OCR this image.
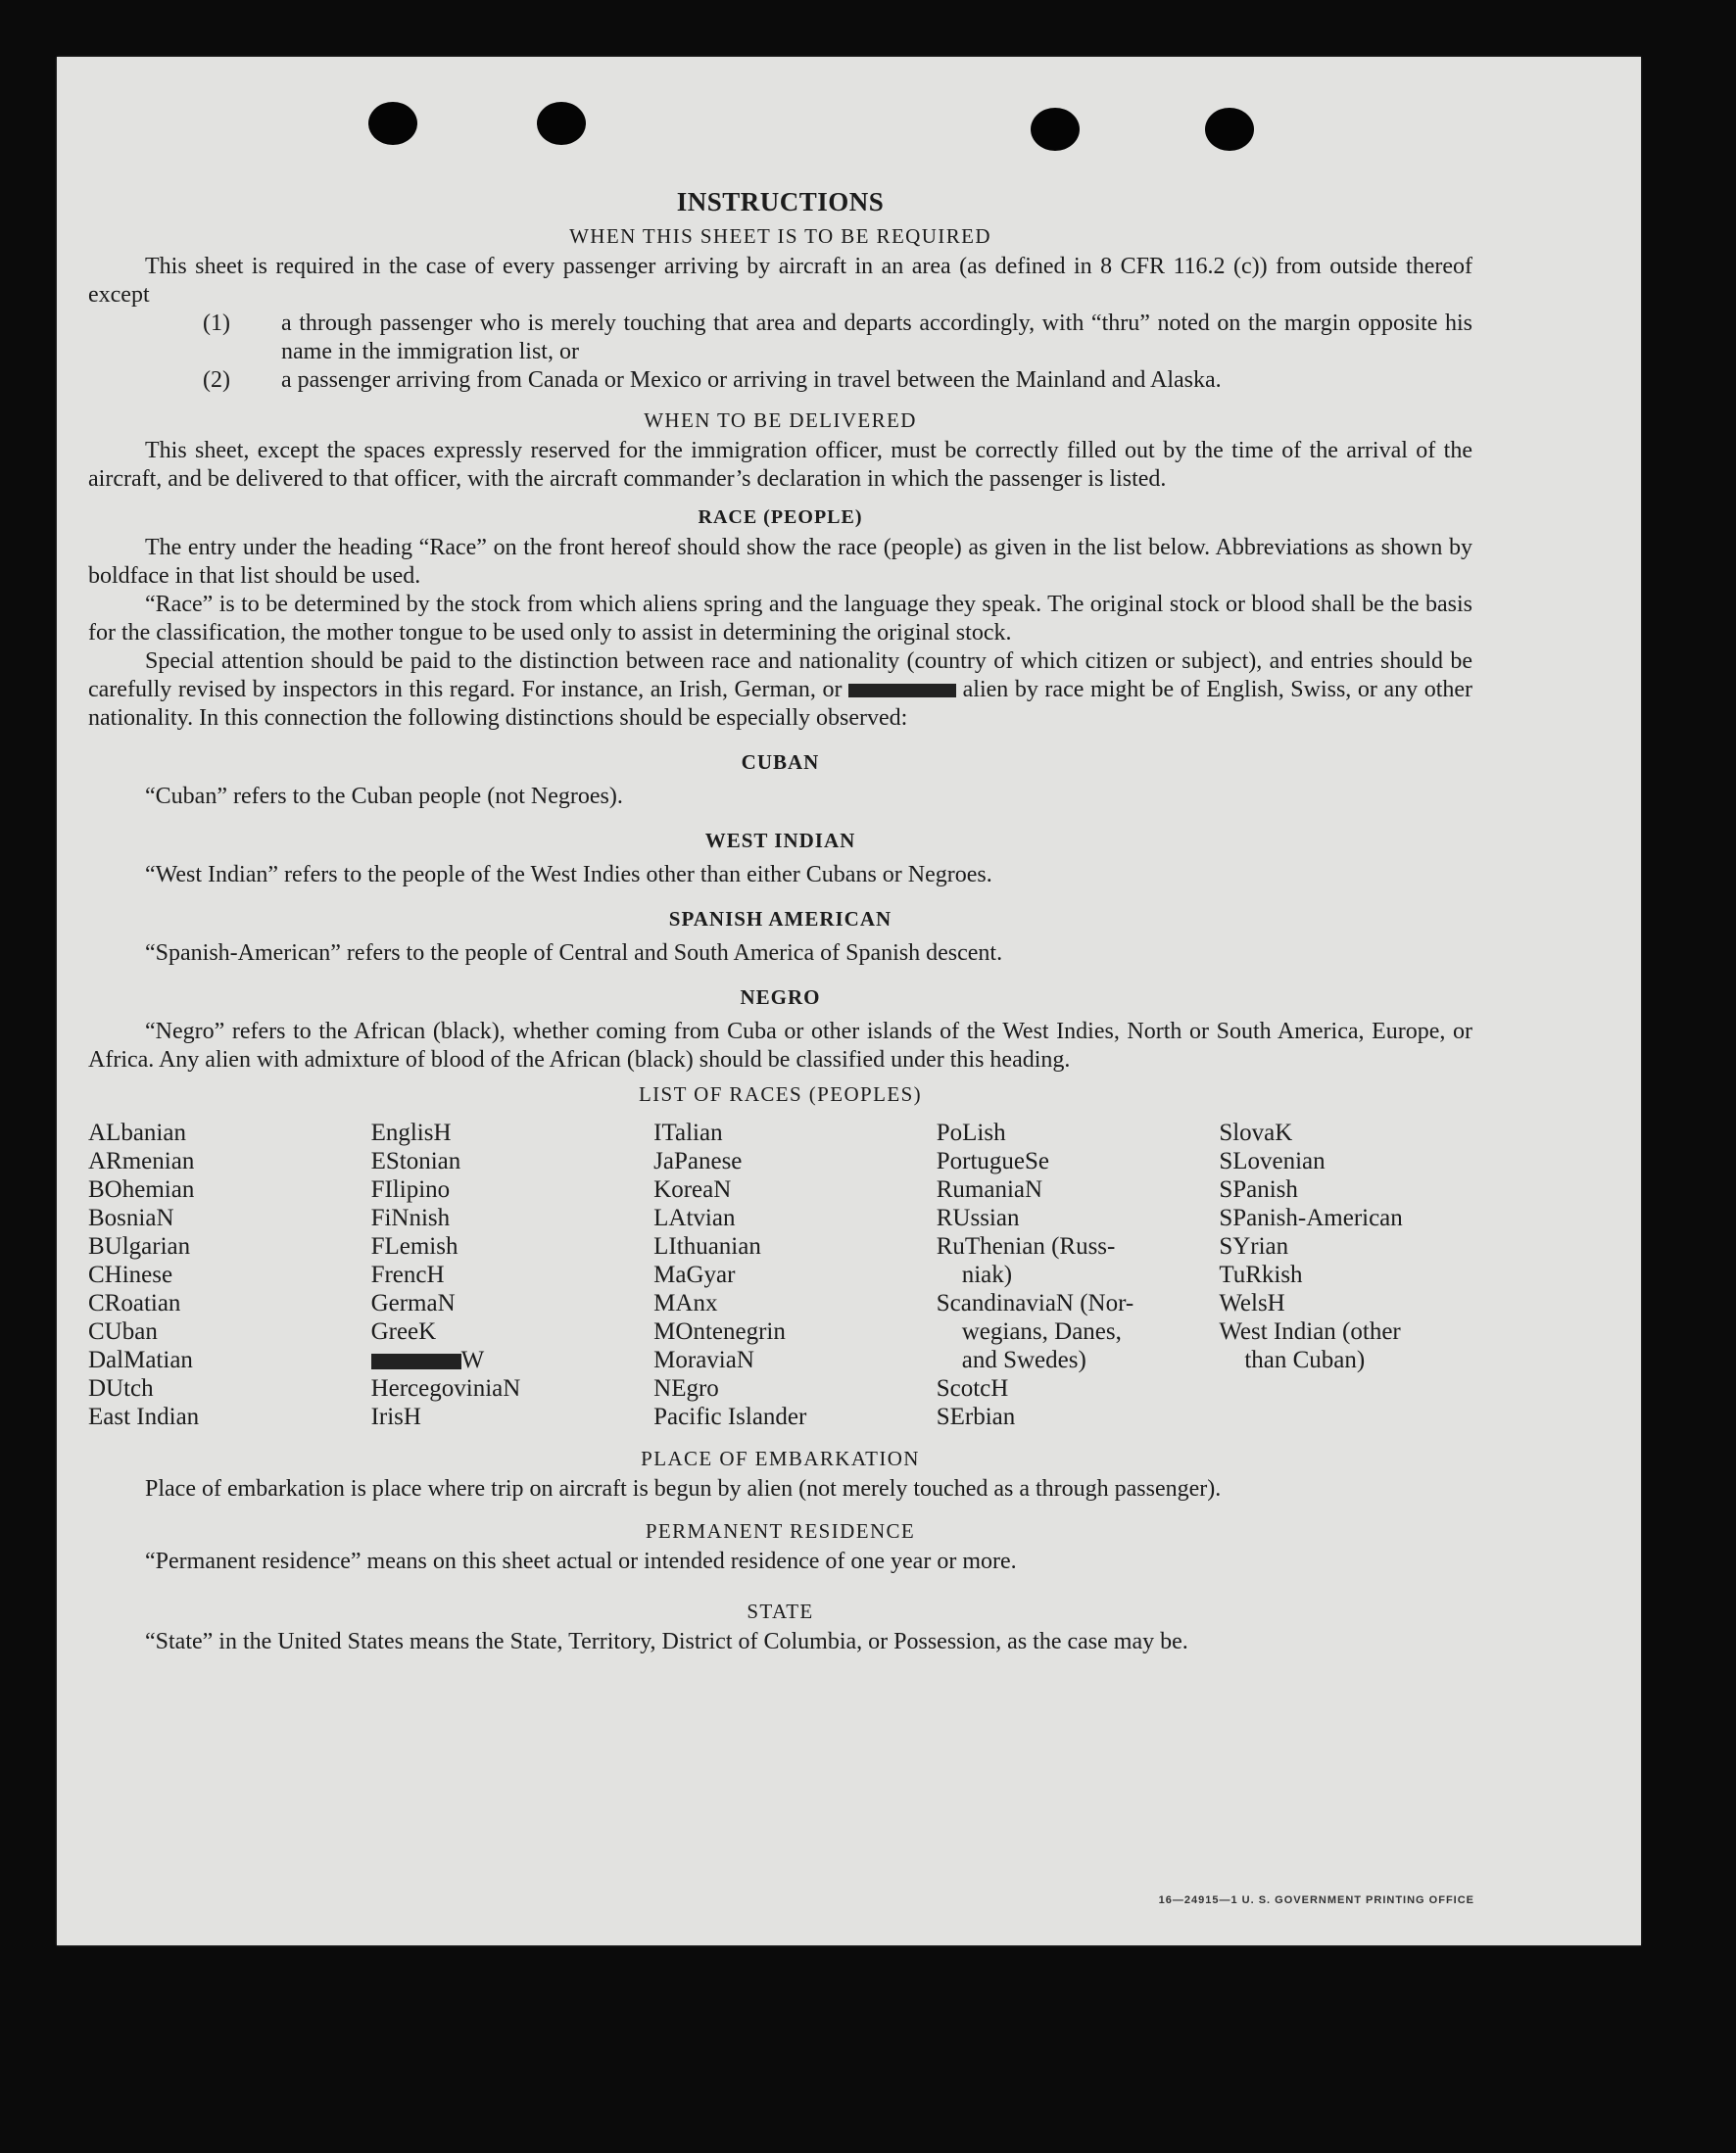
INSTRUCTIONS
WHEN THIS SHEET IS TO BE REQUIRED

This sheet is required in the case of every passenger arriving by aircraft in an area (as defined in 8 CFR 116.2 (c)) from outside thereof except

(1) a through passenger who is merely touching that area and departs accordingly, with “thru” noted on the margin opposite his name in the immigration list, or
(2) a passenger arriving from Canada or Mexico or arriving in travel between the Mainland and Alaska.
WHEN TO BE DELIVERED

This sheet, except the spaces expressly reserved for the immigration officer, must be correctly filled out by the time of the arrival of the aircraft, and be delivered to that officer, with the aircraft commander’s declaration in which the passenger is listed.

RACE (PEOPLE)

The entry under the heading “Race” on the front hereof should show the race (people) as given in the list below. Abbreviations as shown by boldface in that list should be used.

“Race” is to be determined by the stock from which aliens spring and the language they speak. The original stock or blood shall be the basis for the classification, the mother tongue to be used only to assist in determining the original stock.

Special attention should be paid to the distinction between race and nationality (country of which citizen or subject), and entries should be carefully revised by inspectors in this regard. For instance, an Irish, German, or	alien by race might be of English, Swiss, or any other nationality. In this connection the following distinctions should be especially observed:

CUBAN

“Cuban” refers to the Cuban people (not Negroes).

WEST INDIAN

“West Indian” refers to the people of the West Indies other than either Cubans or Negroes.

SPANISH AMERICAN

“Spanish-American” refers to the people of Central and South America of Spanish descent.

NEGRO

“Negro” refers to the African (black), whether coming from Cuba or other islands of the West Indies, North or South America, Europe, or Africa. Any alien with admixture of blood of the African (black) should be classified under this heading.

LIST OF RACES (PEOPLES)
ALbanian
ARmenian
BOhemian
BosniaN
BUlgarian
CHinese
CRoatian
CUban
DalMatian
DUtch
East Indian
EnglisH
EStonian
FIlipino
FiNnish
FLemish
FrencH
GermaN
GreeK
W
HercegoviniaN
IrisH
ITalian
JaPanese
KoreaN
LAtvian
LIthuanian
MaGyar
MAnx
MOntenegrin
MoraviaN
NEgro
Pacific Islander
PoLish
PortugueSe
RumaniaN
RUssian
RuThenian (Russ-
niak)
ScandinaviaN (Nor-
wegians, Danes,
and Swedes)
ScotcH
SErbian
SlovaK
SLovenian
SPanish
SPanish-American
SYrian
TuRkish
WelsH
West Indian (other
than Cuban)
PLACE OF EMBARKATION

Place of embarkation is place where trip on aircraft is begun by alien (not merely touched as a through passenger).

PERMANENT RESIDENCE

“Permanent residence” means on this sheet actual or intended residence of one year or more.

STATE

“State” in the United States means the State, Territory, District of Columbia, or Possession, as the case may be.

16—24915—1 U. S. GOVERNMENT PRINTING OFFICE
